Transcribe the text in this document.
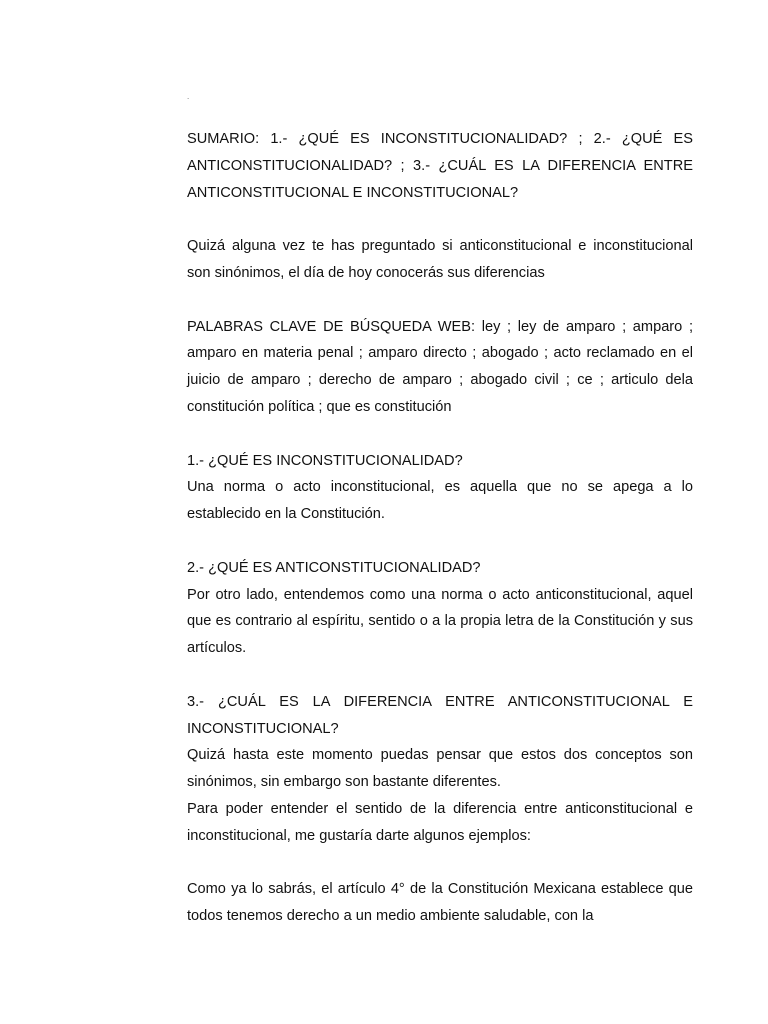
.

SUMARIO: 1.- ¿QUÉ ES INCONSTITUCIONALIDAD? ; 2.- ¿QUÉ ES ANTICONSTITUCIONALIDAD? ; 3.- ¿CUÁL ES LA DIFERENCIA ENTRE ANTICONSTITUCIONAL E INCONSTITUCIONAL?

Quizá alguna vez te has preguntado si anticonstitucional e inconstitucional son sinónimos, el día de hoy conocerás sus diferencias

PALABRAS CLAVE DE BÚSQUEDA WEB: ley ; ley de amparo ; amparo ; amparo en materia penal ; amparo directo ; abogado ; acto reclamado en el juicio de amparo ; derecho de amparo ; abogado civil ; ce ; articulo dela constitución política ; que es constitución

1.- ¿QUÉ ES INCONSTITUCIONALIDAD?

Una norma o acto inconstitucional, es aquella que no se apega a lo establecido en la Constitución.

2.- ¿QUÉ ES ANTICONSTITUCIONALIDAD?

Por otro lado, entendemos como una norma o acto anticonstitucional, aquel que es contrario al espíritu, sentido o a la propia letra de la Constitución y sus artículos.

3.- ¿CUÁL ES LA DIFERENCIA ENTRE ANTICONSTITUCIONAL E INCONSTITUCIONAL?

Quizá hasta este momento puedas pensar que estos dos conceptos son sinónimos, sin embargo son bastante diferentes.

Para poder entender el sentido de la diferencia entre anticonstitucional e inconstitucional, me gustaría darte algunos ejemplos:

Como ya lo sabrás, el artículo 4° de la Constitución Mexicana establece que todos tenemos derecho a un medio ambiente saludable, con la
